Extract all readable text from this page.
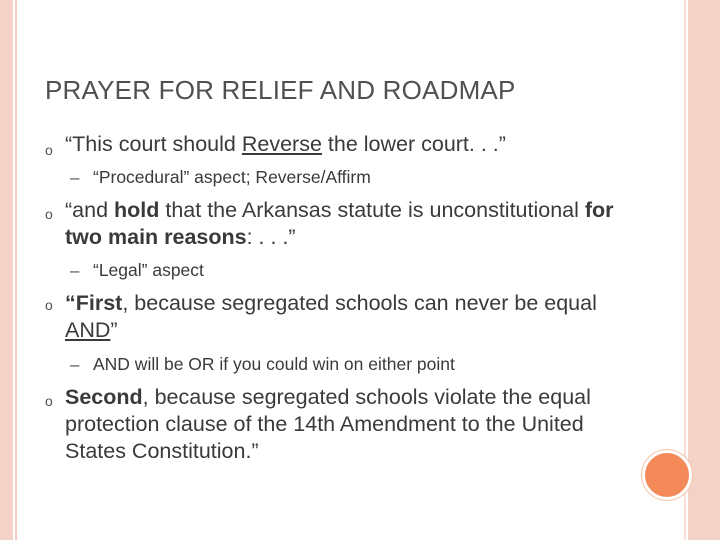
PRAYER FOR RELIEF AND ROADMAP
o “This court should Reverse the lower court. . .”
– “Procedural” aspect; Reverse/Affirm
o “and hold that the Arkansas statute is unconstitutional for two main reasons: . . .”
– “Legal” aspect
o “First, because segregated schools can never be equal AND”
– AND will be OR if you could win on either point
o Second, because segregated schools violate the equal protection clause of the 14th Amendment to the United States Constitution.”
